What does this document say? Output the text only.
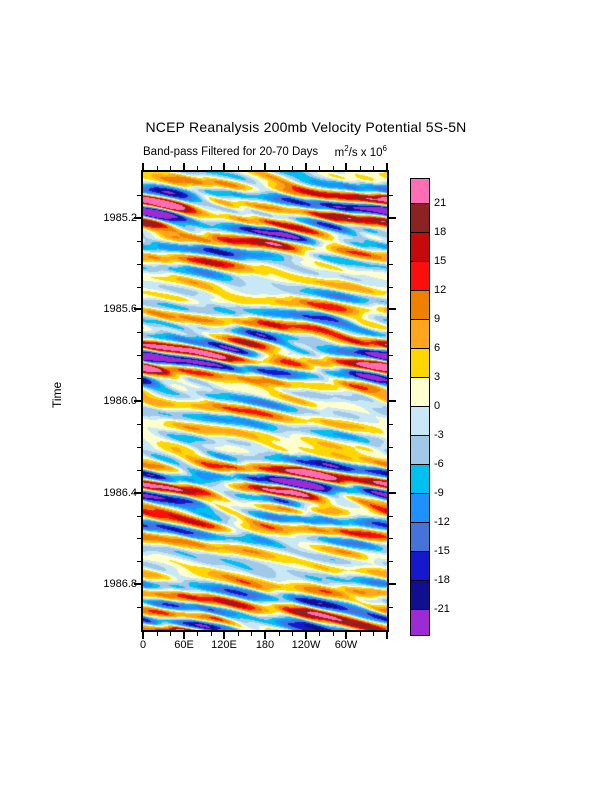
NCEP Reanalysis 200mb Velocity Potential 5S-5N
Band-pass Filtered for 20-70 Days $m^2/s$ x $10^6$
Time
0	60E	120E	180	120W	60W
1985.2
1985.6
1986.0
1986.4
1986.8
21
18
15
12
9
6
3
0
-3
-6
-9
-12
-15
-18
-21
